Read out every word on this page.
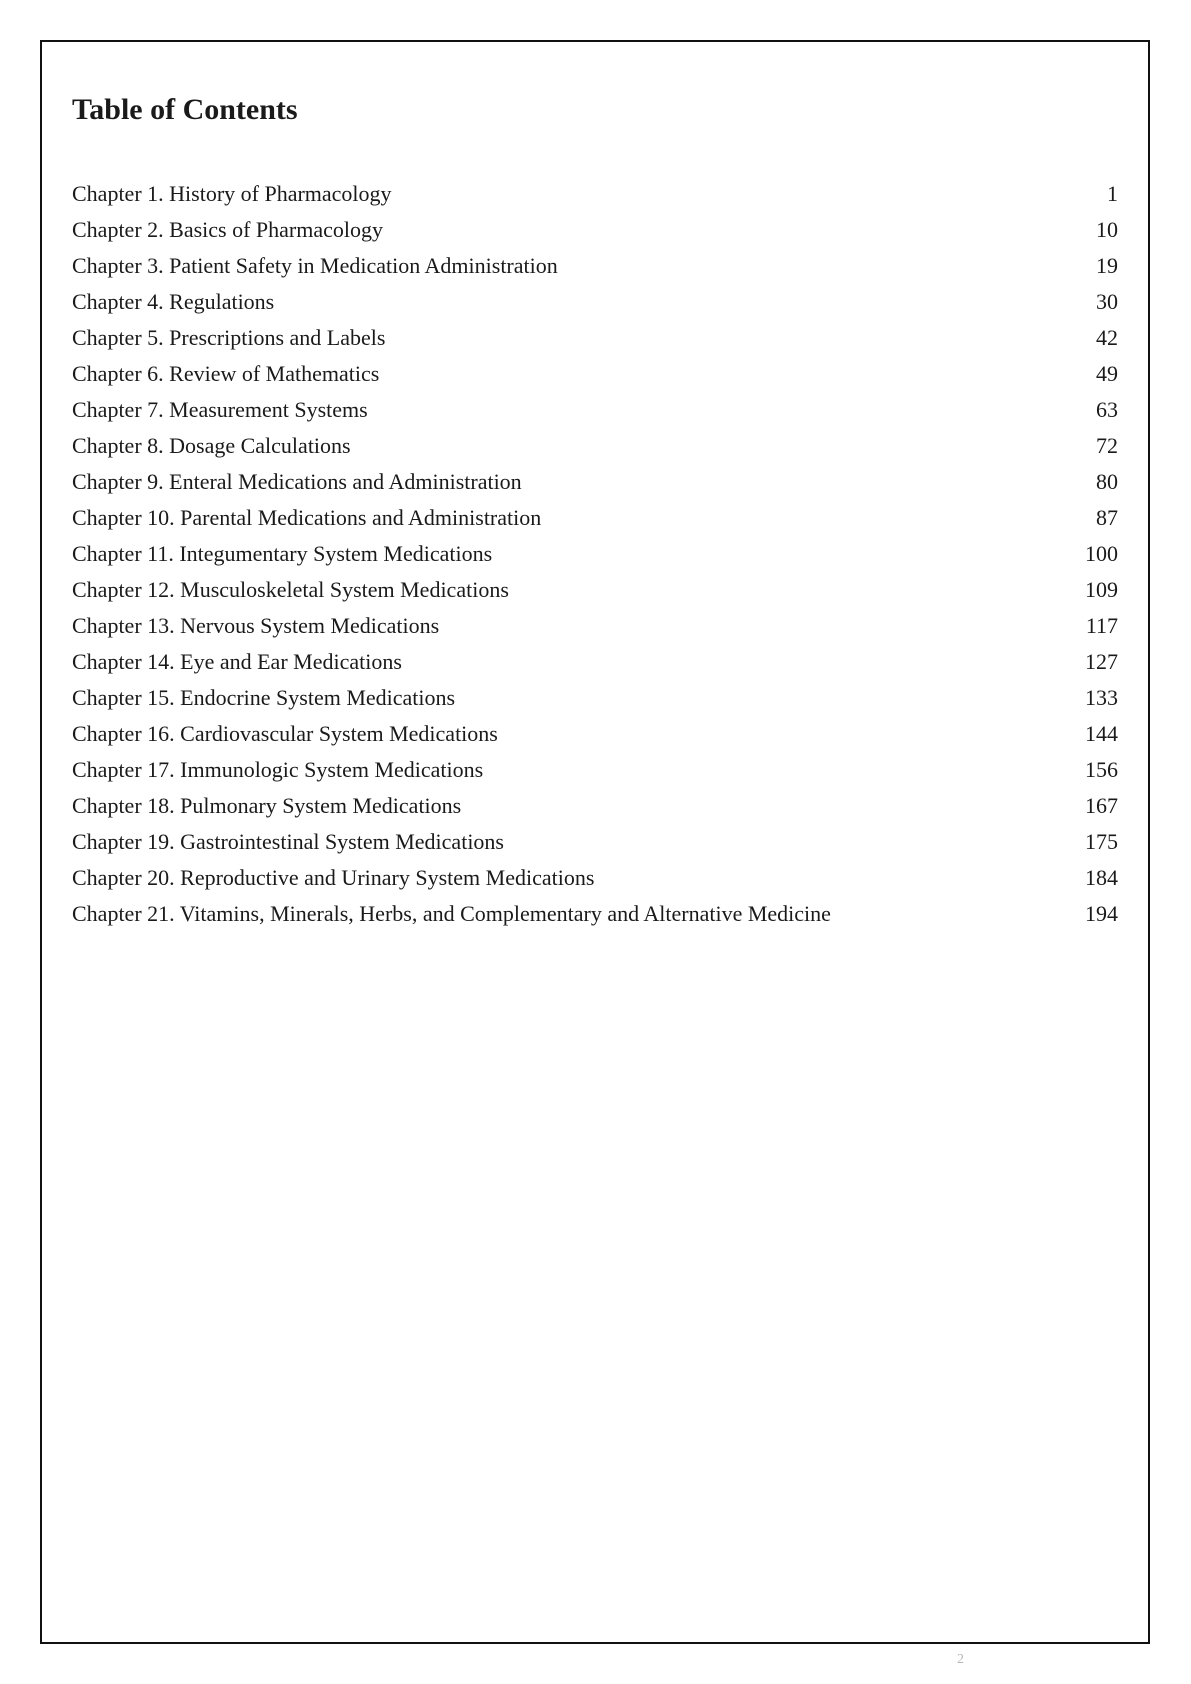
Table of Contents
Chapter 1. History of Pharmacology	1
Chapter 2. Basics of Pharmacology	10
Chapter 3. Patient Safety in Medication Administration	19
Chapter 4. Regulations	30
Chapter 5. Prescriptions and Labels	42
Chapter 6. Review of Mathematics	49
Chapter 7. Measurement Systems	63
Chapter 8. Dosage Calculations	72
Chapter 9. Enteral Medications and Administration	80
Chapter 10. Parental Medications and Administration	87
Chapter 11. Integumentary System Medications	100
Chapter 12. Musculoskeletal System Medications	109
Chapter 13. Nervous System Medications	117
Chapter 14. Eye and Ear Medications	127
Chapter 15. Endocrine System Medications	133
Chapter 16. Cardiovascular System Medications	144
Chapter 17. Immunologic System Medications	156
Chapter 18. Pulmonary System Medications	167
Chapter 19. Gastrointestinal System Medications	175
Chapter 20. Reproductive and Urinary System Medications	184
Chapter 21. Vitamins, Minerals, Herbs, and Complementary and Alternative Medicine	194
2
